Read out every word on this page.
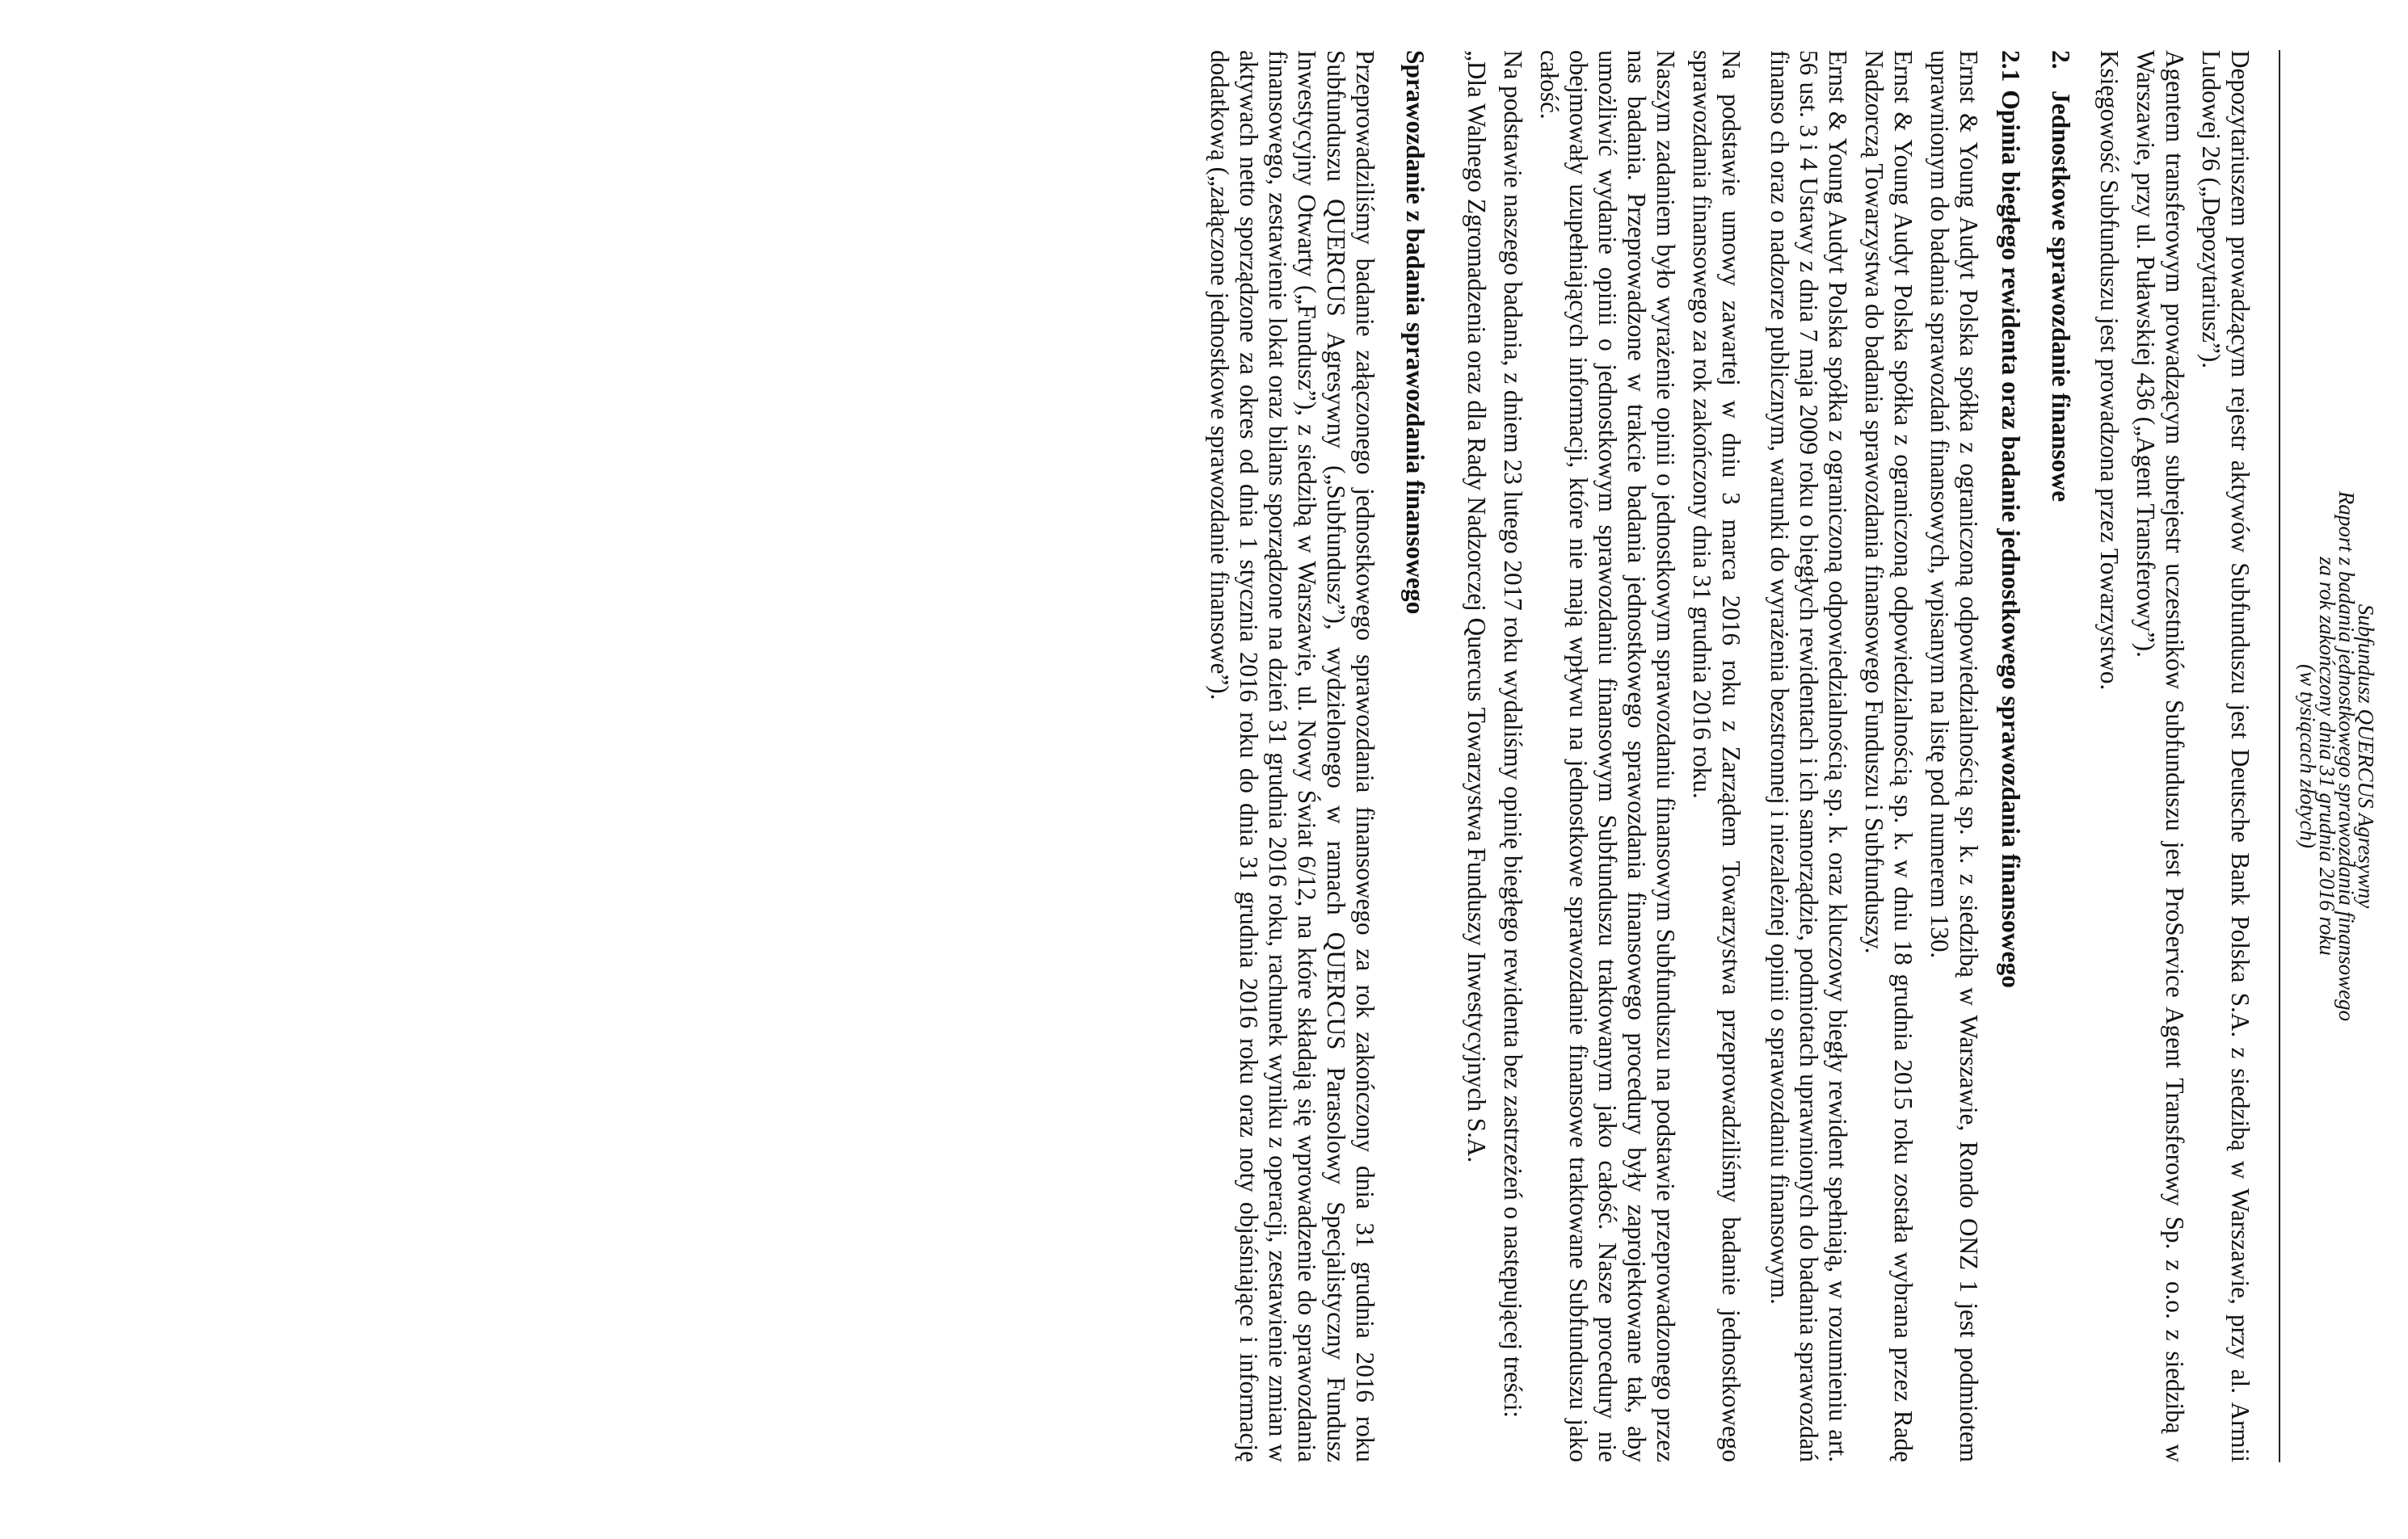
Subfundusz QUERCUS Agresywny
Raport z badania jednostkowego sprawozdania finansowego
za rok zakończony dnia 31 grudnia 2016 roku
(w tysiącach złotych)

Depozytariuszem prowadzącym rejestr aktywów Subfunduszu jest Deutsche Bank Polska S.A. z siedzibą w Warszawie, przy al. Armii Ludowej 26 („Depozytariusz”).

Agentem transferowym prowadzącym subrejestr uczestników Subfunduszu jest ProService Agent Transferowy Sp. z o.o. z siedzibą w Warszawie, przy ul. Puławskiej 436 („Agent Transferowy”).

Księgowość Subfunduszu jest prowadzona przez Towarzystwo.

2.Jednostkowe sprawozdanie finansowe
2.1Opinia biegłego rewidenta oraz badanie jednostkowego sprawozdania finansowego

Ernst & Young Audyt Polska spółka z ograniczoną odpowiedzialnością sp. k. z siedzibą w Warszawie, Rondo ONZ 1 jest podmiotem uprawnionym do badania sprawozdań finansowych, wpisanym na listę pod numerem 130.

Ernst & Young Audyt Polska spółka z ograniczoną odpowiedzialnością sp. k. w dniu 18 grudnia 2015 roku została wybrana przez Radę Nadzorczą Towarzystwa do badania sprawozdania finansowego Funduszu i Subfunduszy.

Ernst & Young Audyt Polska spółka z ograniczoną odpowiedzialnością sp. k. oraz kluczowy biegły rewident spełniają, w rozumieniu art. 56 ust. 3 i 4 Ustawy z dnia 7 maja 2009 roku o biegłych rewidentach i ich samorządzie, podmiotach uprawnionych do badania sprawozdań finanso ch oraz o nadzorze publicznym, warunki do wyrażenia bezstronnej i niezależnej opinii o sprawozdaniu finansowym.

Na podstawie umowy zawartej w dniu 3 marca 2016 roku z Zarządem Towarzystwa przeprowadziliśmy badanie jednostkowego sprawozdania finansowego za rok zakończony dnia 31 grudnia 2016 roku.

Naszym zadaniem było wyrażenie opinii o jednostkowym sprawozdaniu finansowym Subfunduszu na podstawie przeprowadzonego przez nas badania. Przeprowadzone w trakcie badania jednostkowego sprawozdania finansowego procedury były zaprojektowane tak, aby umożliwić wydanie opinii o jednostkowym sprawozdaniu finansowym Subfunduszu traktowanym jako całość. Nasze procedury nie obejmowały uzupełniających informacji, które nie mają wpływu na jednostkowe sprawozdanie finansowe traktowane Subfunduszu jako całość.

Na podstawie naszego badania, z dniem 23 lutego 2017 roku wydaliśmy opinię biegłego rewidenta bez zastrzeżeń o następującej treści:

„Dla Walnego Zgromadzenia oraz dla Rady Nadzorczej Quercus Towarzystwa Funduszy Inwestycyjnych S.A.

Sprawozdanie z badania sprawozdania finansowego

Przeprowadziliśmy badanie załączonego jednostkowego sprawozdania finansowego za rok zakończony dnia 31 grudnia 2016 roku Subfunduszu QUERCUS Agresywny („Subfundusz”), wydzielonego w ramach QUERCUS Parasolowy Specjalistyczny Fundusz Inwestycyjny Otwarty („Fundusz”), z siedzibą w Warszawie, ul. Nowy Świat 6/12, na które składają się wprowadzenie do sprawozdania finansowego, zestawienie lokat oraz bilans sporządzone na dzień 31 grudnia 2016 roku, rachunek wyniku z operacji, zestawienie zmian w aktywach netto sporządzone za okres od dnia 1 stycznia 2016 roku do dnia 31 grudnia 2016 roku oraz noty objaśniające i informację dodatkową („załączone jednostkowe sprawozdanie finansowe”).
